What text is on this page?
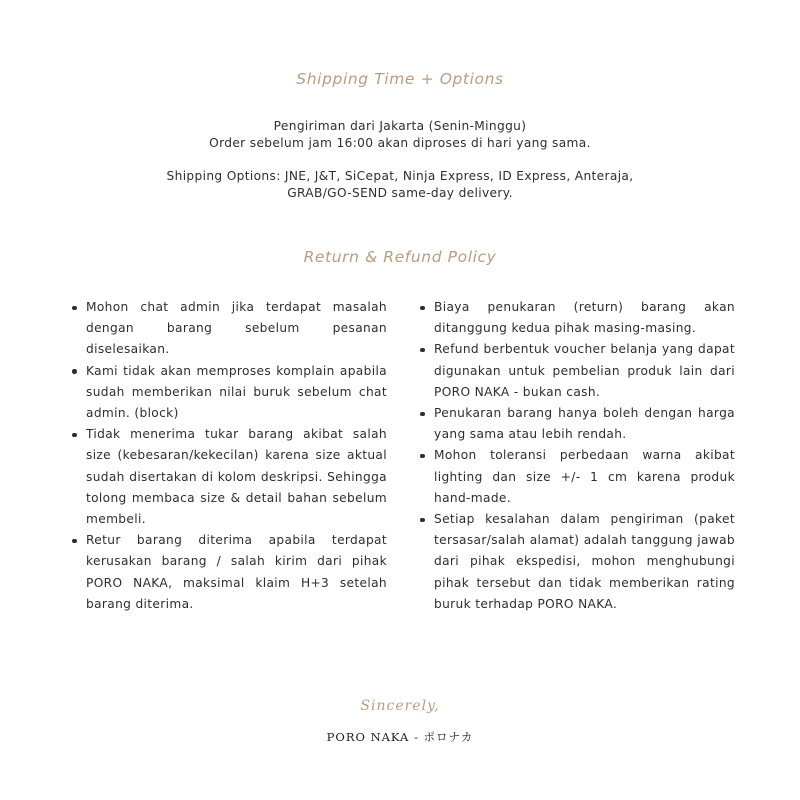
Shipping Time + Options
Pengiriman dari Jakarta (Senin-Minggu)
Order sebelum jam 16:00 akan diproses di hari yang sama.
Shipping Options: JNE, J&T, SiCepat, Ninja Express, ID Express, Anteraja,
GRAB/GO-SEND same-day delivery.
Return & Refund Policy
Mohon chat admin jika terdapat masalah dengan barang sebelum pesanan diselesaikan.
Kami tidak akan memproses komplain apabila sudah memberikan nilai buruk sebelum chat admin. (block)
Tidak menerima tukar barang akibat salah size (kebesaran/kekecilan) karena size aktual sudah disertakan di kolom deskripsi. Sehingga tolong membaca size & detail bahan sebelum membeli.
Retur barang diterima apabila terdapat kerusakan barang / salah kirim dari pihak PORO NAKA, maksimal klaim H+3 setelah barang diterima.
Biaya penukaran (return) barang akan ditanggung kedua pihak masing-masing.
Refund berbentuk voucher belanja yang dapat digunakan untuk pembelian produk lain dari PORO NAKA - bukan cash.
Penukaran barang hanya boleh dengan harga yang sama atau lebih rendah.
Mohon toleransi perbedaan warna akibat lighting dan size +/- 1 cm karena produk hand-made.
Setiap kesalahan dalam pengiriman (paket tersasar/salah alamat) adalah tanggung jawab dari pihak ekspedisi, mohon menghubungi pihak tersebut dan tidak memberikan rating buruk terhadap PORO NAKA.
Sincerely,
PORO NAKA - ポロナカ
